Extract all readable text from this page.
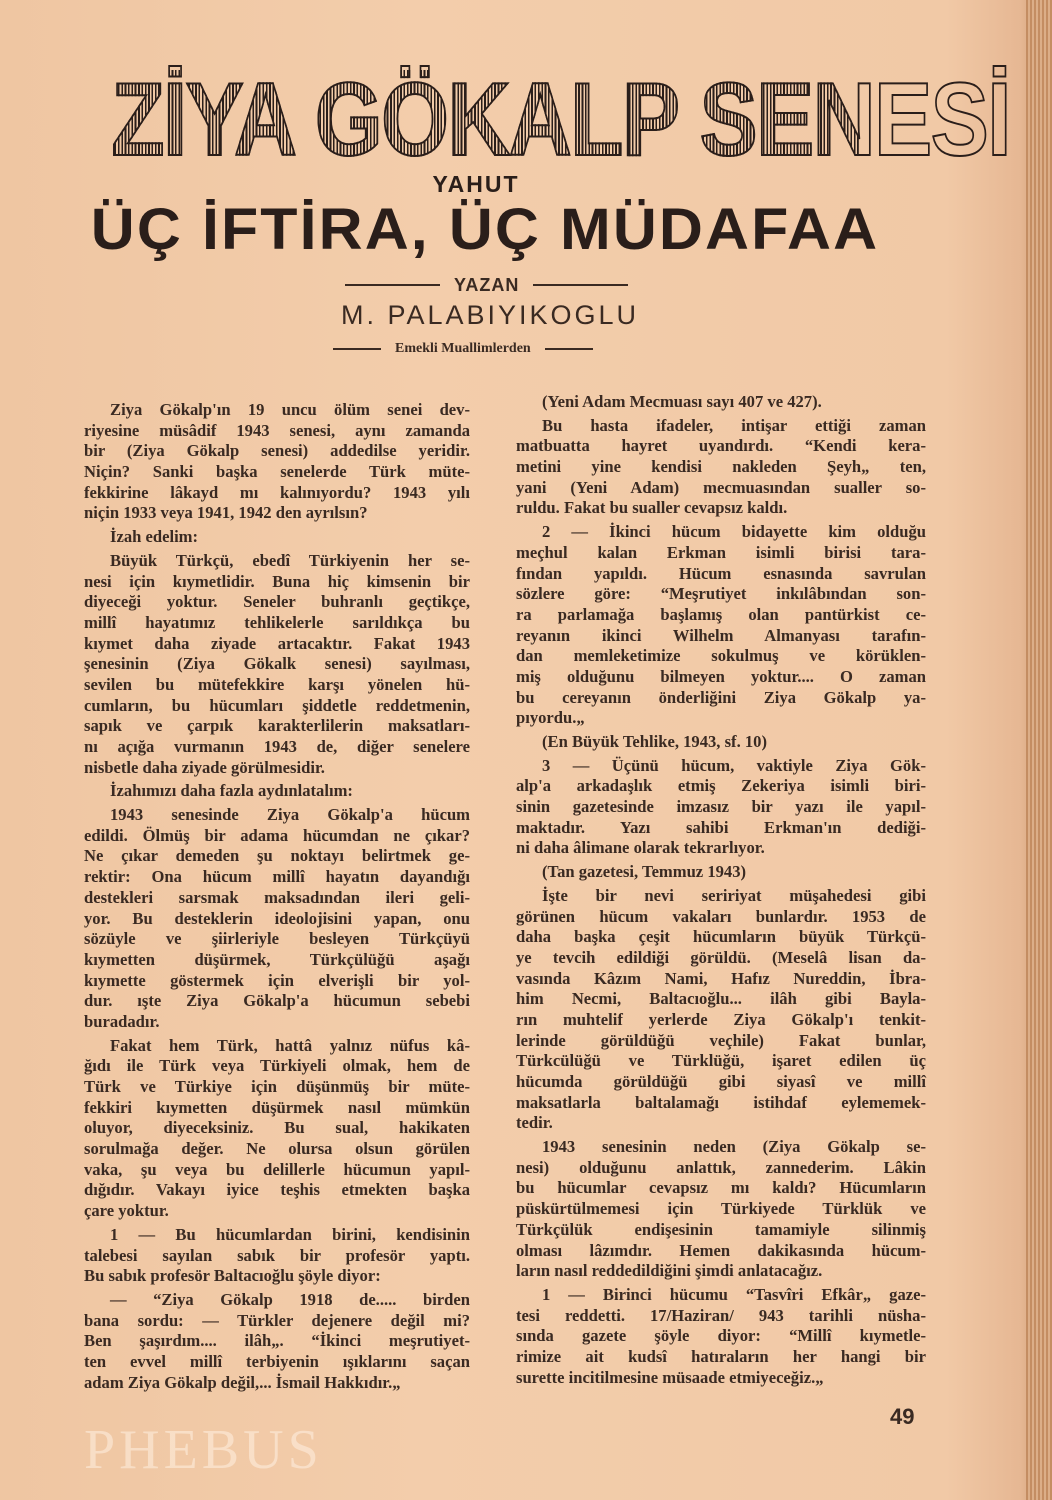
ZİYA GÖKALP SENESİ
YAHUT
ÜÇ İFTİRA, ÜÇ MÜDAFAA
YAZAN
M. PALABIYIKOGLU
Emekli Muallimlerden
Ziya Gökalp'ın 19 uncu ölüm senei dev-
riyesine müsâdif 1943 senesi, aynı zamanda
bir (Ziya Gökalp senesi) addedilse yeridir.
Niçin? Sanki başka senelerde Türk müte-
fekkirine lâkayd mı kalınıyordu? 1943 yılı
niçin 1933 veya 1941, 1942 den ayrılsın?
İzah edelim:
Büyük Türkçü, ebedî Türkiyenin her se-
nesi için kıymetlidir. Buna hiç kimsenin bir
diyeceği yoktur. Seneler buhranlı geçtikçe,
millî hayatımız tehlikelerle sarıldıkça bu
kıymet daha ziyade artacaktır. Fakat 1943
şenesinin (Ziya Gökalk senesi) sayılması,
sevilen bu mütefekkire karşı yönelen hü-
cumların, bu hücumları şiddetle reddetmenin,
sapık ve çarpık karakterlilerin maksatları-
nı açığa vurmanın 1943 de, diğer senelere
nisbetle daha ziyade görülmesidir.
İzahımızı daha fazla aydınlatalım:
1943 senesinde Ziya Gökalp'a hücum
edildi. Ölmüş bir adama hücumdan ne çıkar?
Ne çıkar demeden şu noktayı belirtmek ge-
rektir: Ona hücum millî hayatın dayandığı
destekleri sarsmak maksadından ileri geli-
yor. Bu desteklerin ideolojisini yapan, onu
sözüyle ve şiirleriyle besleyen Türkçüyü
kıymetten düşürmek, Türkçülüğü aşağı
kıymette göstermek için elverişli bir yol-
dur. ışte Ziya Gökalp'a hücumun sebebi
buradadır.
Fakat hem Türk, hattâ yalnız nüfus kâ-
ğıdı ile Türk veya Türkiyeli olmak, hem de
Türk ve Türkiye için düşünmüş bir müte-
fekkiri kıymetten düşürmek nasıl mümkün
oluyor, diyeceksiniz. Bu sual, hakikaten
sorulmağa değer. Ne olursa olsun görülen
vaka, şu veya bu delillerle hücumun yapıl-
dığıdır. Vakayı iyice teşhis etmekten başka
çare yoktur.
1 — Bu hücumlardan birini, kendisinin
talebesi sayılan sabık bir profesör yaptı.
Bu sabık profesör Baltacıoğlu şöyle diyor:
— “Ziya Gökalp 1918 de..... birden
bana sordu: — Türkler dejenere değil mi?
Ben şaşırdım.... ilâh„. “İkinci meşrutiyet-
ten evvel millî terbiyenin ışıklarını saçan
adam Ziya Gökalp değil,... İsmail Hakkıdır.„
(Yeni Adam Mecmuası sayı 407 ve 427).
Bu hasta ifadeler, intişar ettiği zaman
matbuatta hayret uyandırdı. “Kendi kera-
metini yine kendisi nakleden Şeyh„ ten,
yani (Yeni Adam) mecmuasından sualler so-
ruldu. Fakat bu sualler cevapsız kaldı.
2 — İkinci hücum bidayette kim olduğu
meçhul kalan Erkman isimli birisi tara-
fından yapıldı. Hücum esnasında savrulan
sözlere göre: “Meşrutiyet inkılâbından son-
ra parlamağa başlamış olan pantürkist ce-
reyanın ikinci Wilhelm Almanyası tarafın-
dan memleketimize sokulmuş ve körüklen-
miş olduğunu bilmeyen yoktur.... O zaman
bu cereyanın önderliğini Ziya Gökalp ya-
pıyordu.„
(En Büyük Tehlike, 1943, sf. 10)
3 — Üçünü hücum, vaktiyle Ziya Gök-
alp'a arkadaşlık etmiş Zekeriya isimli biri-
sinin gazetesinde imzasız bir yazı ile yapıl-
maktadır. Yazı sahibi Erkman'ın dediği-
ni daha âlimane olarak tekrarlıyor.
(Tan gazetesi, Temmuz 1943)
İşte bir nevi seririyat müşahedesi gibi
görünen hücum vakaları bunlardır. 1953 de
daha başka çeşit hücumların büyük Türkçü-
ye tevcih edildiği görüldü. (Meselâ lisan da-
vasında Kâzım Nami, Hafız Nureddin, İbra-
him Necmi, Baltacıoğlu... ilâh gibi Bayla-
rın muhtelif yerlerde Ziya Gökalp'ı tenkit-
lerinde görüldüğü veçhile) Fakat bunlar,
Türkcülüğü ve Türklüğü, işaret edilen üç
hücumda görüldüğü gibi siyasî ve millî
maksatlarla baltalamağı istihdaf eylememek-
tedir.
1943 senesinin neden (Ziya Gökalp se-
nesi) olduğunu anlattık, zannederim. Lâkin
bu hücumlar cevapsız mı kaldı? Hücumların
püskürtülmemesi için Türkiyede Türklük ve
Türkçülük endişesinin tamamiyle silinmiş
olması lâzımdır. Hemen dakikasında hücum-
ların nasıl reddedildiğini şimdi anlatacağız.
1 — Birinci hücumu “Tasvîri Efkâr„ gaze-
tesi reddetti. 17/Haziran/ 943 tarihli nüsha-
sında gazete şöyle diyor: “Millî kıymetle-
rimize ait kudsî hatıraların her hangi bir
surette incitilmesine müsaade etmiyeceğiz.„
PHEBUS
49
